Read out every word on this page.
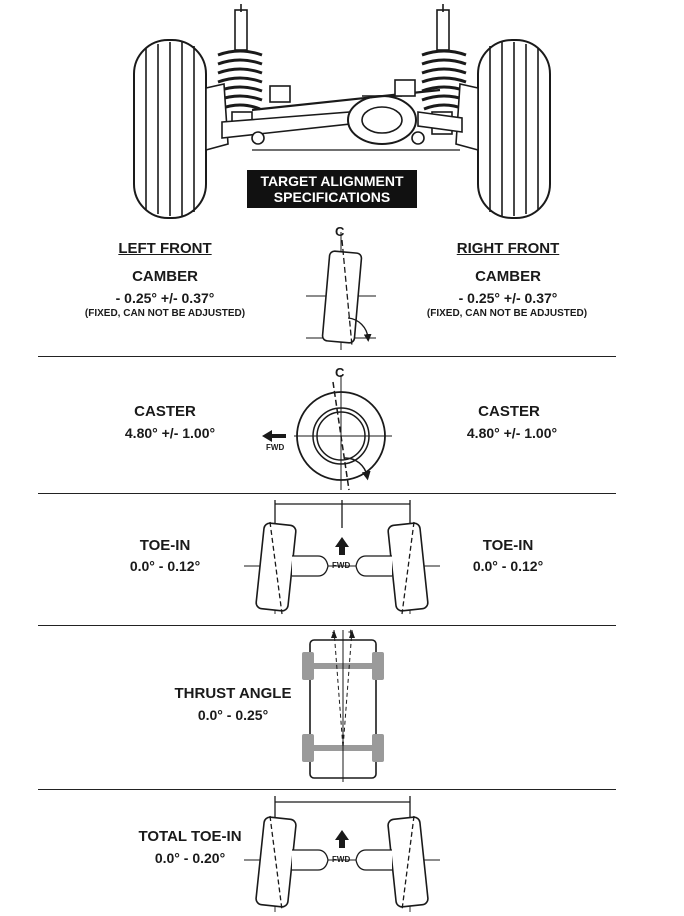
TARGET ALIGNMENT
SPECIFICATIONS
C
C
LEFT FRONT
CAMBER
- 0.25° +/- 0.37°
(FIXED, CAN NOT BE ADJUSTED)
RIGHT FRONT
CAMBER
- 0.25° +/- 0.37°
(FIXED, CAN NOT BE ADJUSTED)
CASTER
4.80° +/- 1.00°
FWD
CASTER
4.80° +/- 1.00°
TOE-IN
0.0° - 0.12°	FWD
TOE-IN
0.0° - 0.12°
- +
THRUST ANGLE
0.0° - 0.25°
TOTAL TOE-IN
0.0° - 0.20°	FWD
